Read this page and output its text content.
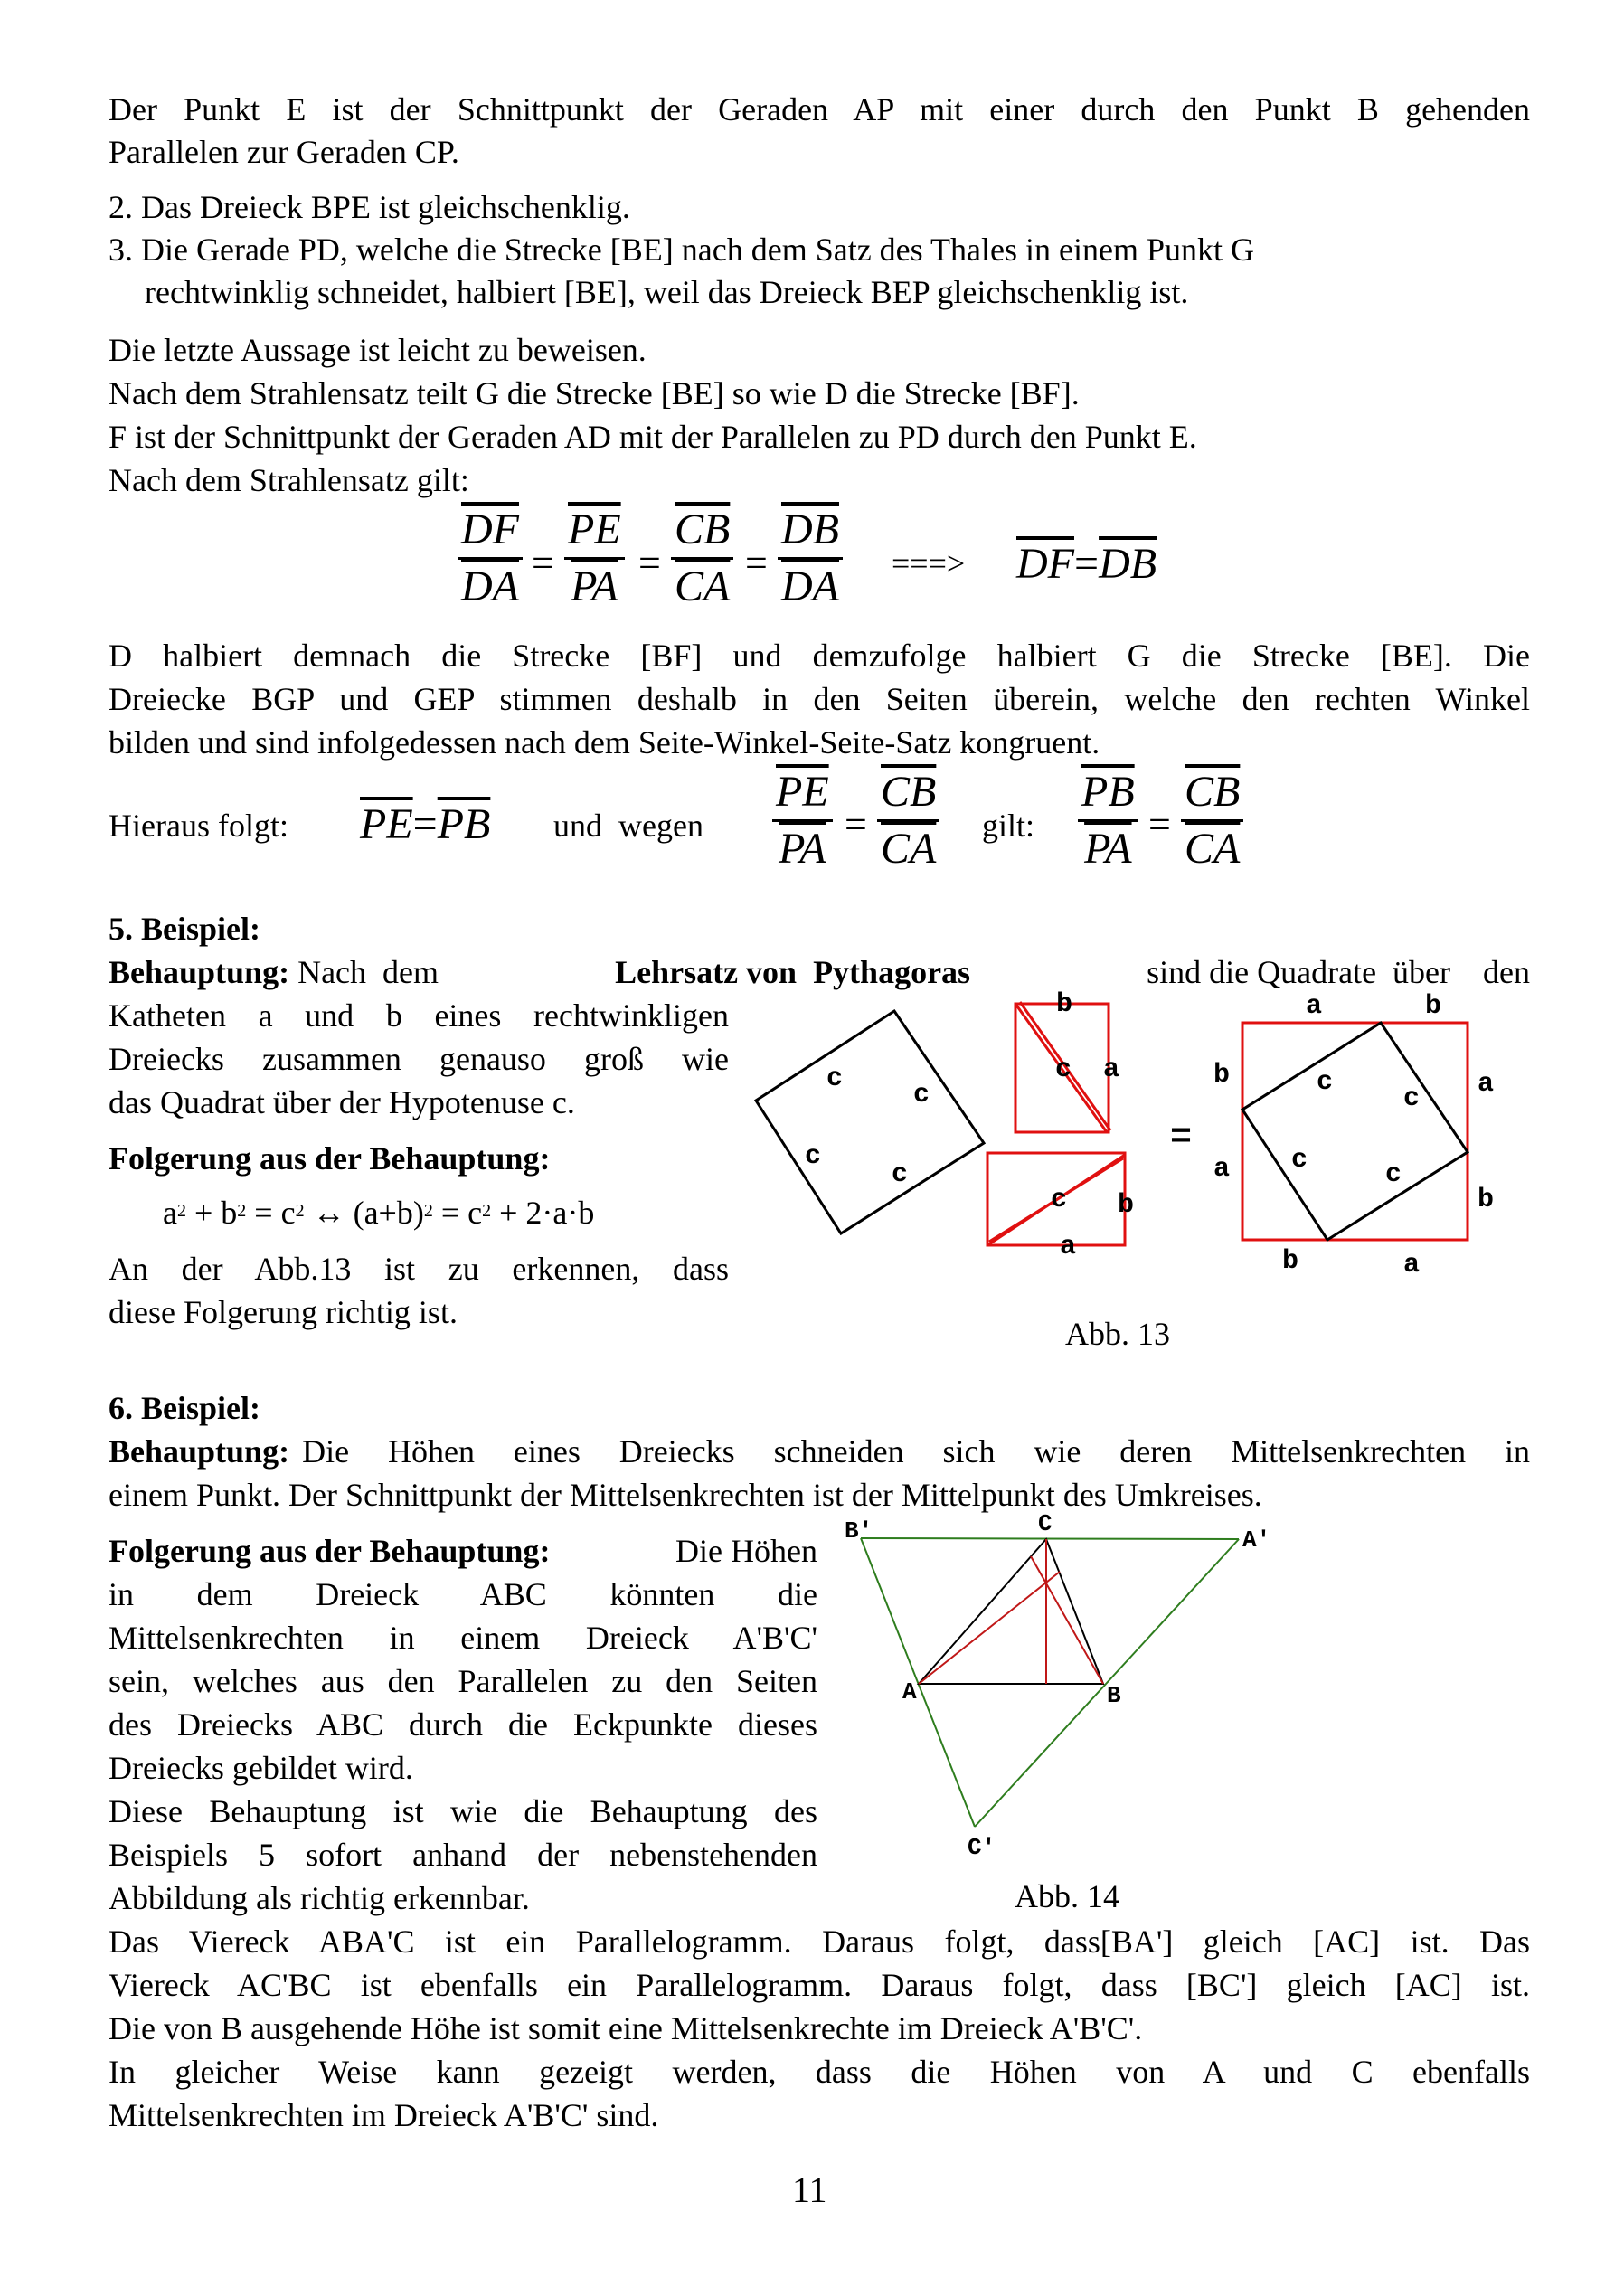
Der Punkt E ist der Schnittpunkt der Geraden AP mit einer durch den Punkt B gehenden
Parallelen zur Geraden CP.
2. Das Dreieck BPE ist gleichschenklig.
3. Die Gerade PD, welche die Strecke [BE] nach dem Satz des Thales in einem Punkt G
rechtwinklig schneidet, halbiert [BE], weil das Dreieck BEP gleichschenklig ist.
Die letzte Aussage ist leicht zu beweisen.
Nach dem Strahlensatz teilt G die Strecke [BE] so wie D die Strecke [BF].
F ist der Schnittpunkt der Geraden AD mit der Parallelen zu PD durch den Punkt E.
Nach dem Strahlensatz gilt:
$\frac{\overline{DF}}{DA} = \frac{\overline{PE}}{PA} = \frac{\overline{CB}}{CA} = \frac{\overline{DB}}{DA}$ ===> $\overline{DF}=\overline{DB}$
D halbiert demnach die Strecke [BF] und demzufolge halbiert G die Strecke [BE]. Die
Dreiecke BGP und GEP stimmen deshalb in den Seiten überein, welche den rechten Winkel
bilden und sind infolgedessen nach dem Seite-Winkel-Seite-Satz kongruent.
Hieraus folgt: $\overline{PE}=\overline{PB}$ und  wegen $\frac{\overline{PE}}{PA} = \frac{\overline{CB}}{CA}$ gilt: $\frac{\overline{PB}}{PA} = \frac{\overline{CB}}{CA}$
5. Beispiel:
Behauptung: Nach  dem	Lehrsatz von  Pythagoras	sind die Quadrate  über    den
Katheten a und b eines rechtwinkligen
Dreiecks zusammen genauso groß wie
das Quadrat über der Hypotenuse c.
Folgerung aus der Behauptung:
$a^2 + b^2 = c^2$ ↔ $(a+b)^2 = c^2 + 2\cdot a\cdot b$
An der Abb.13 ist zu erkennen, dass
diese Folgerung richtig ist.
c
c
c
c
b
c a
c b
a
=
a	b
b	c
c a
a c	c
b
b	a
Abb. 13
6. Beispiel:
Behauptung: Die Höhen eines Dreiecks schneiden sich wie deren Mittelsenkrechten in
einem Punkt. Der Schnittpunkt der Mittelsenkrechten ist der Mittelpunkt des Umkreises.
Folgerung aus der Behauptung:	Die Höhen
in dem Dreieck ABC könnten die
Mittelsenkrechten in einem Dreieck A'B'C'
sein, welches aus den Parallelen zu den Seiten
des Dreiecks ABC durch die Eckpunkte dieses
Dreiecks gebildet wird.
Diese Behauptung ist wie die Behauptung des
Beispiels 5 sofort anhand der nebenstehenden
Abbildung als richtig erkennbar.
B'	C
A'
A	B
C'
Abb. 14
Das Viereck ABA'C ist ein Parallelogramm. Daraus folgt, dass[BA'] gleich [AC] ist. Das
Viereck AC'BC ist ebenfalls ein Parallelogramm. Daraus folgt, dass [BC'] gleich [AC] ist.
Die von B ausgehende Höhe ist somit eine Mittelsenkrechte im Dreieck A'B'C'.
In gleicher Weise kann gezeigt werden, dass die Höhen von A und C ebenfalls
Mittelsenkrechten im Dreieck A'B'C' sind.
11
